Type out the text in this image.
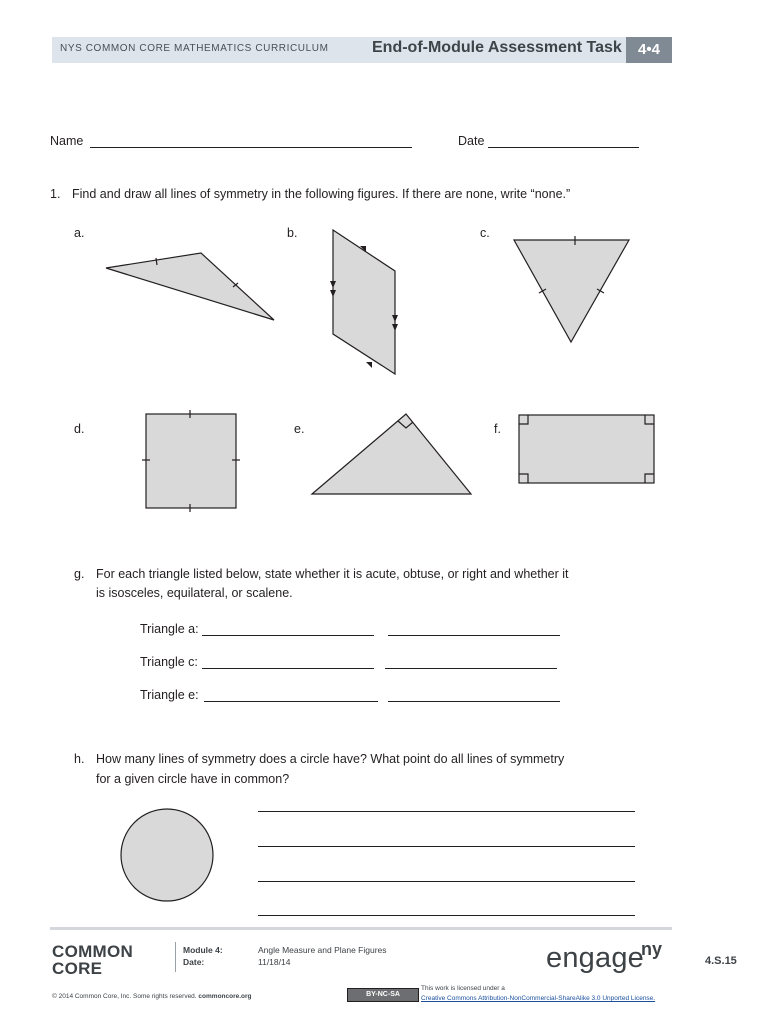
NYS COMMON CORE MATHEMATICS CURRICULUM	End-of-Module Assessment Task	4•4
Name	Date
1. Find and draw all lines of symmetry in the following figures. If there are none, write “none.”
a.	b.	c.
d.	e.	f.
g. For each triangle listed below, state whether it is acute, obtuse, or right and whether it
is isosceles, equilateral, or scalene.
Triangle a:
Triangle c:
Triangle e:
h. How many lines of symmetry does a circle have? What point do all lines of symmetry
for a given circle have in common?
COMMON
CORE
Module 4:	Angle Measure and Plane Figures
Date:	11/18/14	engage
ny
4.S.15
© 2014 Common Core, Inc. Some rights reserved. commoncore.org	BY-NC-SA
This work is licensed under a
Creative Commons Attribution-NonCommercial-ShareAlike 3.0 Unported License.
